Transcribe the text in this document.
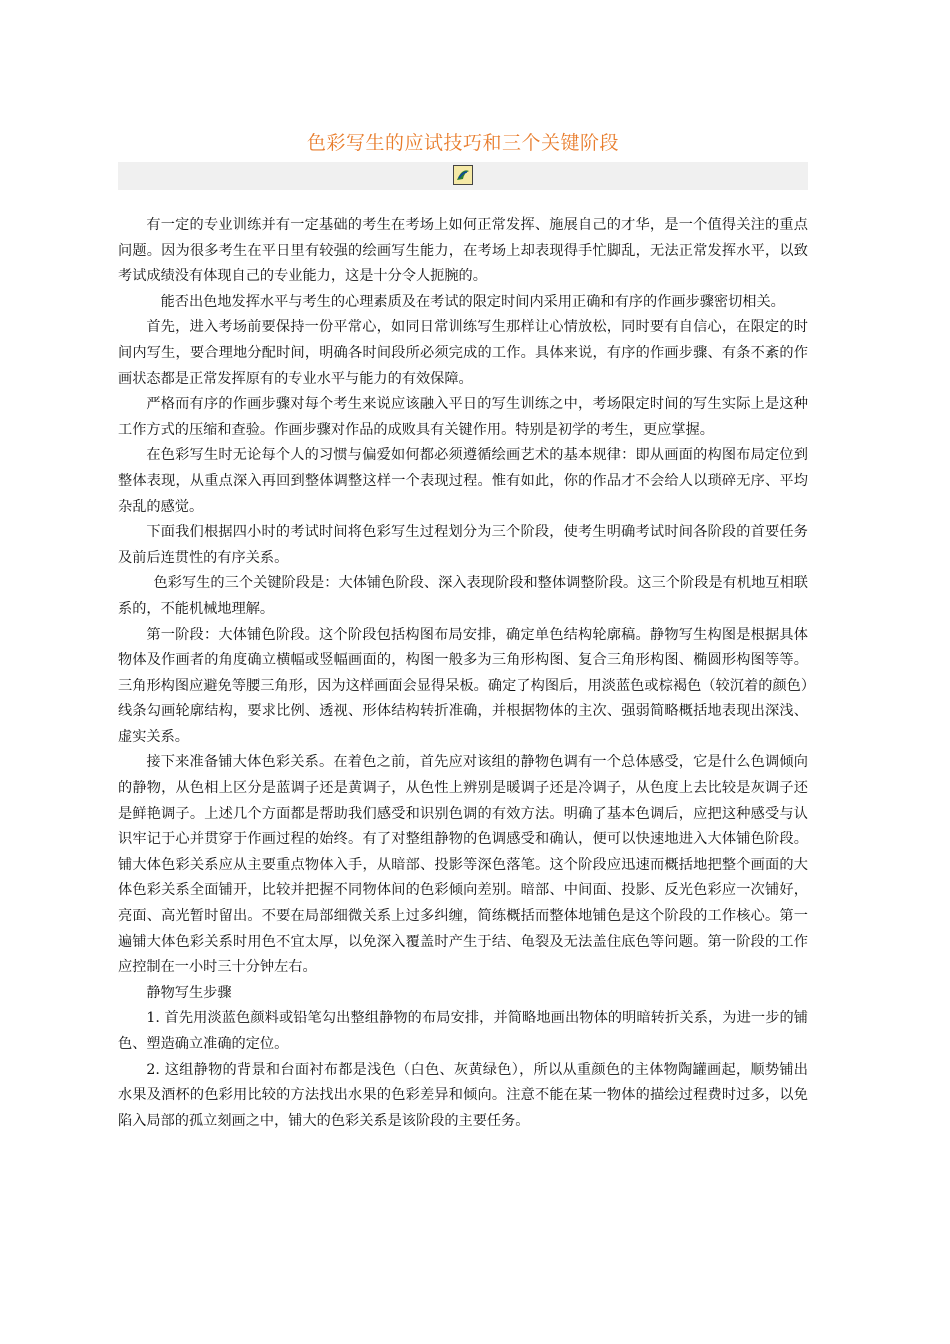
色彩写生的应试技巧和三个关键阶段

有一定的专业训练并有一定基础的考生在考场上如何正常发挥、施展自己的才华，是一个值得关注的重点问题。因为很多考生在平日里有较强的绘画写生能力，在考场上却表现得手忙脚乱，无法正常发挥水平，以致考试成绩没有体现自己的专业能力，这是十分令人扼腕的。

能否出色地发挥水平与考生的心理素质及在考试的限定时间内采用正确和有序的作画步骤密切相关。

首先，进入考场前要保持一份平常心，如同日常训练写生那样让心情放松，同时要有自信心，在限定的时间内写生，要合理地分配时间，明确各时间段所必须完成的工作。具体来说，有序的作画步骤、有条不紊的作画状态都是正常发挥原有的专业水平与能力的有效保障。

严格而有序的作画步骤对每个考生来说应该融入平日的写生训练之中，考场限定时间的写生实际上是这种工作方式的压缩和查验。作画步骤对作品的成败具有关键作用。特别是初学的考生，更应掌握。

在色彩写生时无论每个人的习惯与偏爱如何都必须遵循绘画艺术的基本规律：即从画面的构图布局定位到整体表现，从重点深入再回到整体调整这样一个表现过程。惟有如此，你的作品才不会给人以琐碎无序、平均杂乱的感觉。

下面我们根据四小时的考试时间将色彩写生过程划分为三个阶段，使考生明确考试时间各阶段的首要任务及前后连贯性的有序关系。

色彩写生的三个关键阶段是：大体铺色阶段、深入表现阶段和整体调整阶段。这三个阶段是有机地互相联系的，不能机械地理解。

第一阶段：大体铺色阶段。这个阶段包括构图布局安排，确定单色结构轮廓稿。静物写生构图是根据具体物体及作画者的角度确立横幅或竖幅画面的，构图一般多为三角形构图、复合三角形构图、椭圆形构图等等。三角形构图应避免等腰三角形，因为这样画面会显得呆板。确定了构图后，用淡蓝色或棕褐色（较沉着的颜色）线条勾画轮廓结构，要求比例、透视、形体结构转折准确，并根据物体的主次、强弱简略概括地表现出深浅、虚实关系。

接下来准备铺大体色彩关系。在着色之前，首先应对该组的静物色调有一个总体感受，它是什么色调倾向的静物，从色相上区分是蓝调子还是黄调子，从色性上辨别是暖调子还是冷调子，从色度上去比较是灰调子还是鲜艳调子。上述几个方面都是帮助我们感受和识别色调的有效方法。明确了基本色调后，应把这种感受与认识牢记于心并贯穿于作画过程的始终。有了对整组静物的色调感受和确认，便可以快速地进入大体铺色阶段。铺大体色彩关系应从主要重点物体入手，从暗部、投影等深色落笔。这个阶段应迅速而概括地把整个画面的大体色彩关系全面铺开，比较并把握不同物体间的色彩倾向差别。暗部、中间面、投影、反光色彩应一次铺好，亮面、高光暂时留出。不要在局部细微关系上过多纠缠，简练概括而整体地铺色是这个阶段的工作核心。第一遍铺大体色彩关系时用色不宜太厚，以免深入覆盖时产生于结、龟裂及无法盖住底色等问题。第一阶段的工作应控制在一小时三十分钟左右。

静物写生步骤

1. 首先用淡蓝色颜料或铅笔勾出整组静物的布局安排，并简略地画出物体的明暗转折关系，为进一步的铺色、塑造确立准确的定位。

2. 这组静物的背景和台面衬布都是浅色（白色、灰黄绿色），所以从重颜色的主体物陶罐画起，顺势铺出水果及酒杯的色彩用比较的方法找出水果的色彩差异和倾向。注意不能在某一物体的描绘过程费时过多，以免陷入局部的孤立刻画之中，铺大的色彩关系是该阶段的主要任务。
